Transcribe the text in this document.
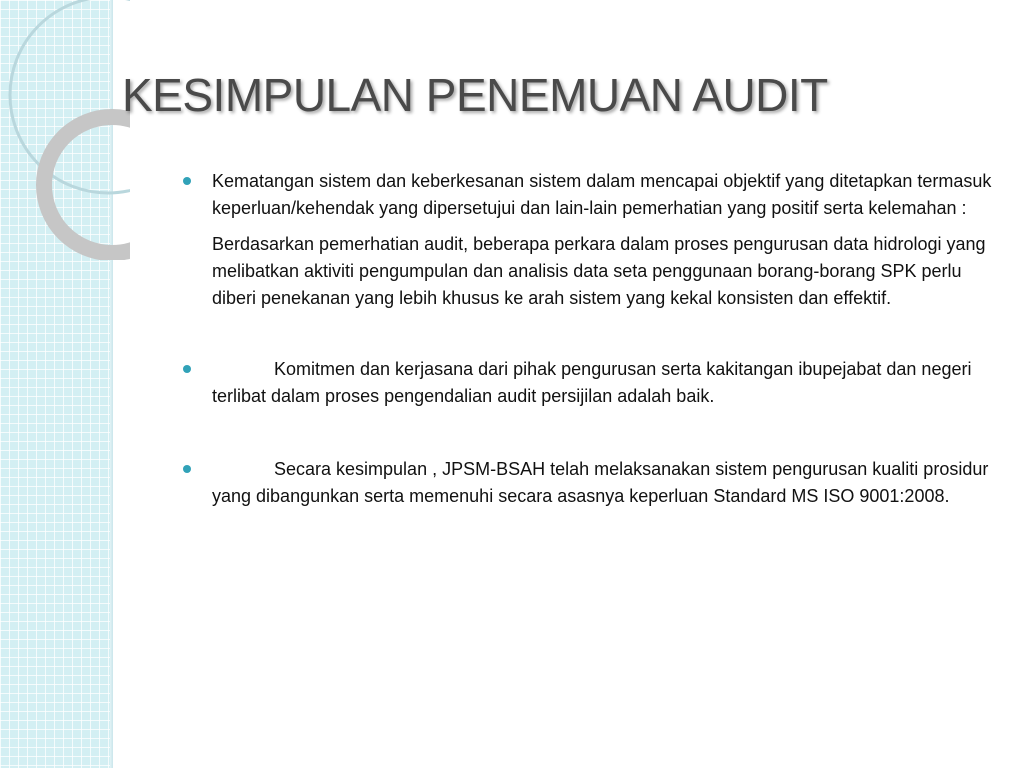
KESIMPULAN PENEMUAN AUDIT

Kematangan sistem dan keberkesanan sistem dalam mencapai objektif yang ditetapkan termasuk keperluan/kehendak yang dipersetujui dan lain-lain pemerhatian yang positif serta kelemahan :

Berdasarkan pemerhatian audit, beberapa perkara dalam proses pengurusan data hidrologi yang melibatkan aktiviti pengumpulan dan analisis data seta penggunaan borang-borang SPK perlu diberi penekanan yang lebih khusus ke arah sistem yang kekal konsisten dan effektif.

Komitmen dan kerjasana dari pihak pengurusan serta kakitangan ibupejabat dan negeri terlibat dalam proses pengendalian audit persijilan adalah baik.

Secara kesimpulan , JPSM-BSAH telah melaksanakan sistem pengurusan kualiti prosidur yang dibangunkan serta memenuhi secara asasnya keperluan Standard MS ISO 9001:2008.
